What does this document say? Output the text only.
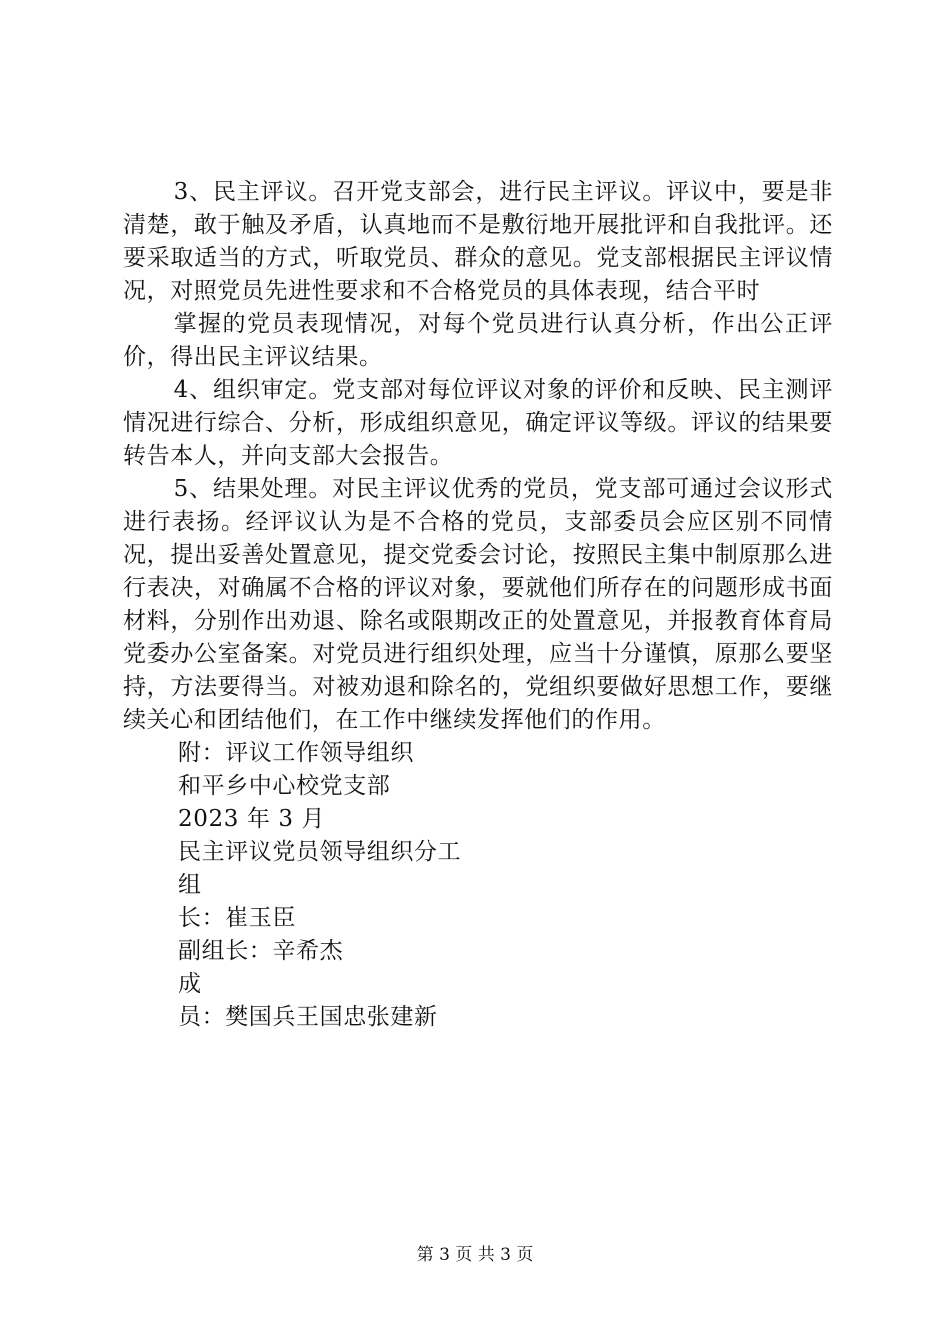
3、民主评议。召开党支部会，进行民主评议。评议中，要是非清楚，敢于触及矛盾，认真地而不是敷衍地开展批评和自我批评。还要采取适当的方式，听取党员、群众的意见。党支部根据民主评议情况，对照党员先进性要求和不合格党员的具体表现，结合平时

掌握的党员表现情况，对每个党员进行认真分析，作出公正评价，得出民主评议结果。

4、组织审定。党支部对每位评议对象的评价和反映、民主测评情况进行综合、分析，形成组织意见，确定评议等级。评议的结果要转告本人，并向支部大会报告。

5、结果处理。对民主评议优秀的党员，党支部可通过会议形式进行表扬。经评议认为是不合格的党员，支部委员会应区别不同情况，提出妥善处置意见，提交党委会讨论，按照民主集中制原那么进行表决，对确属不合格的评议对象，要就他们所存在的问题形成书面材料，分别作出劝退、除名或限期改正的处置意见，并报教育体育局党委办公室备案。对党员进行组织处理，应当十分谨慎，原那么要坚持，方法要得当。对被劝退和除名的，党组织要做好思想工作，要继续关心和团结他们，在工作中继续发挥他们的作用。

附：评议工作领导组织

和平乡中心校党支部

2023 年 3 月

民主评议党员领导组织分工

组

长：崔玉臣

副组长：辛希杰

成

员：樊国兵王国忠张建新

第 3 页 共 3 页
